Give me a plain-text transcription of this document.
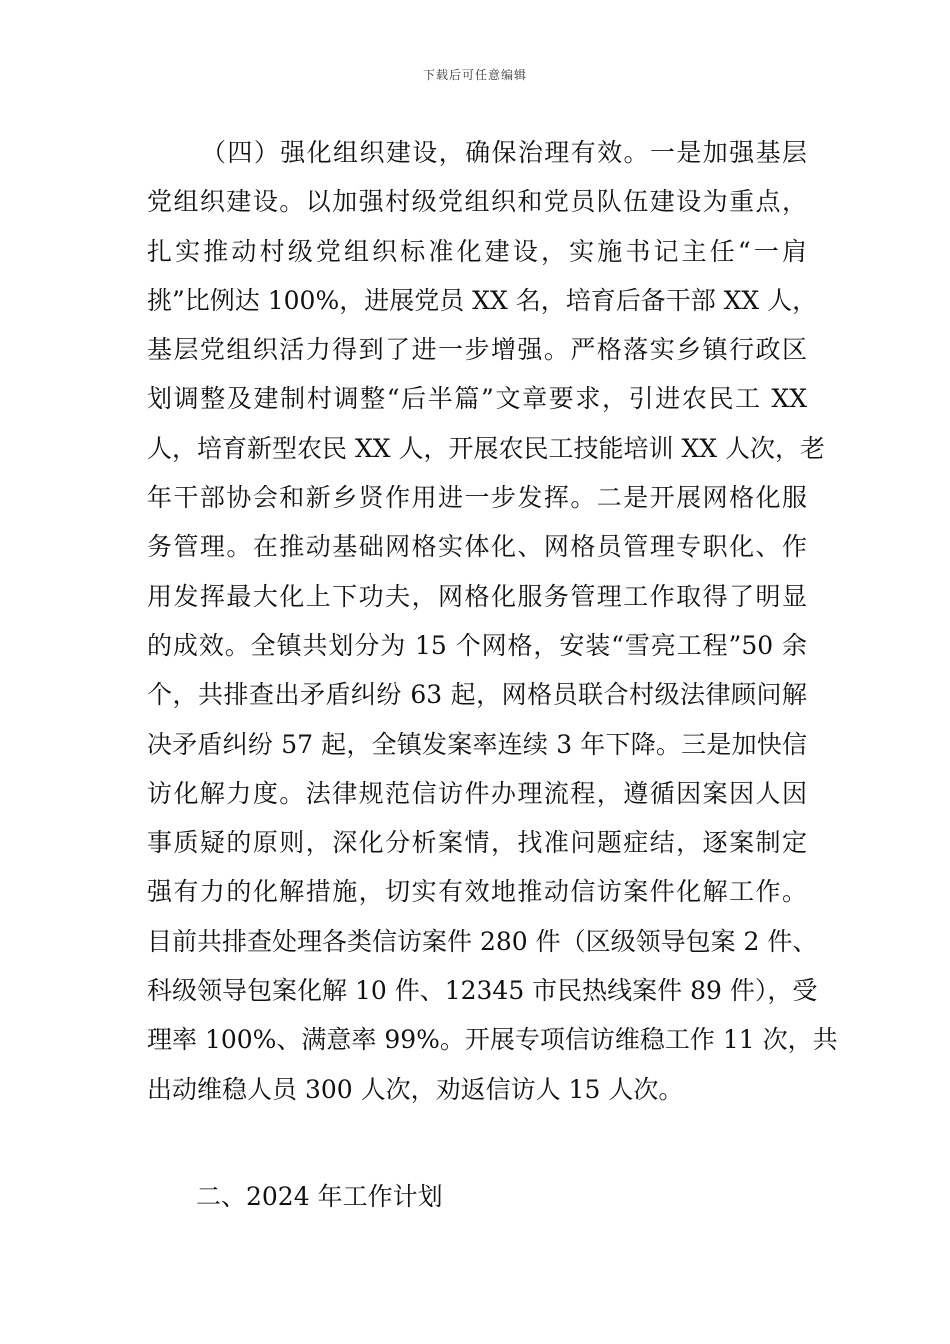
下载后可任意编辑
（四）强化组织建设，确保治理有效。一是加强基层
党组织建设。以加强村级党组织和党员队伍建设为重点，
扎实推动村级党组织标准化建设，实施书记主任“一肩
挑”比例达 100%，进展党员 XX 名，培育后备干部 XX 人，
基层党组织活力得到了进一步增强。严格落实乡镇行政区
划调整及建制村调整“后半篇”文章要求，引进农民工 XX
人，培育新型农民 XX 人，开展农民工技能培训 XX 人次，老
年干部协会和新乡贤作用进一步发挥。二是开展网格化服
务管理。在推动基础网格实体化、网格员管理专职化、作
用发挥最大化上下功夫，网格化服务管理工作取得了明显
的成效。全镇共划分为 15 个网格，安装“雪亮工程”50 余
个，共排查出矛盾纠纷 63 起，网格员联合村级法律顾问解
决矛盾纠纷 57 起，全镇发案率连续 3 年下降。三是加快信
访化解力度。法律规范信访件办理流程，遵循因案因人因
事质疑的原则，深化分析案情，找准问题症结，逐案制定
强有力的化解措施，切实有效地推动信访案件化解工作。
目前共排查处理各类信访案件 280 件（区级领导包案 2 件、
科级领导包案化解 10 件、12345 市民热线案件 89 件），受
理率 100%、满意率 99%。开展专项信访维稳工作 11 次，共
出动维稳人员 300 人次，劝返信访人 15 人次。
二、2024 年工作计划
